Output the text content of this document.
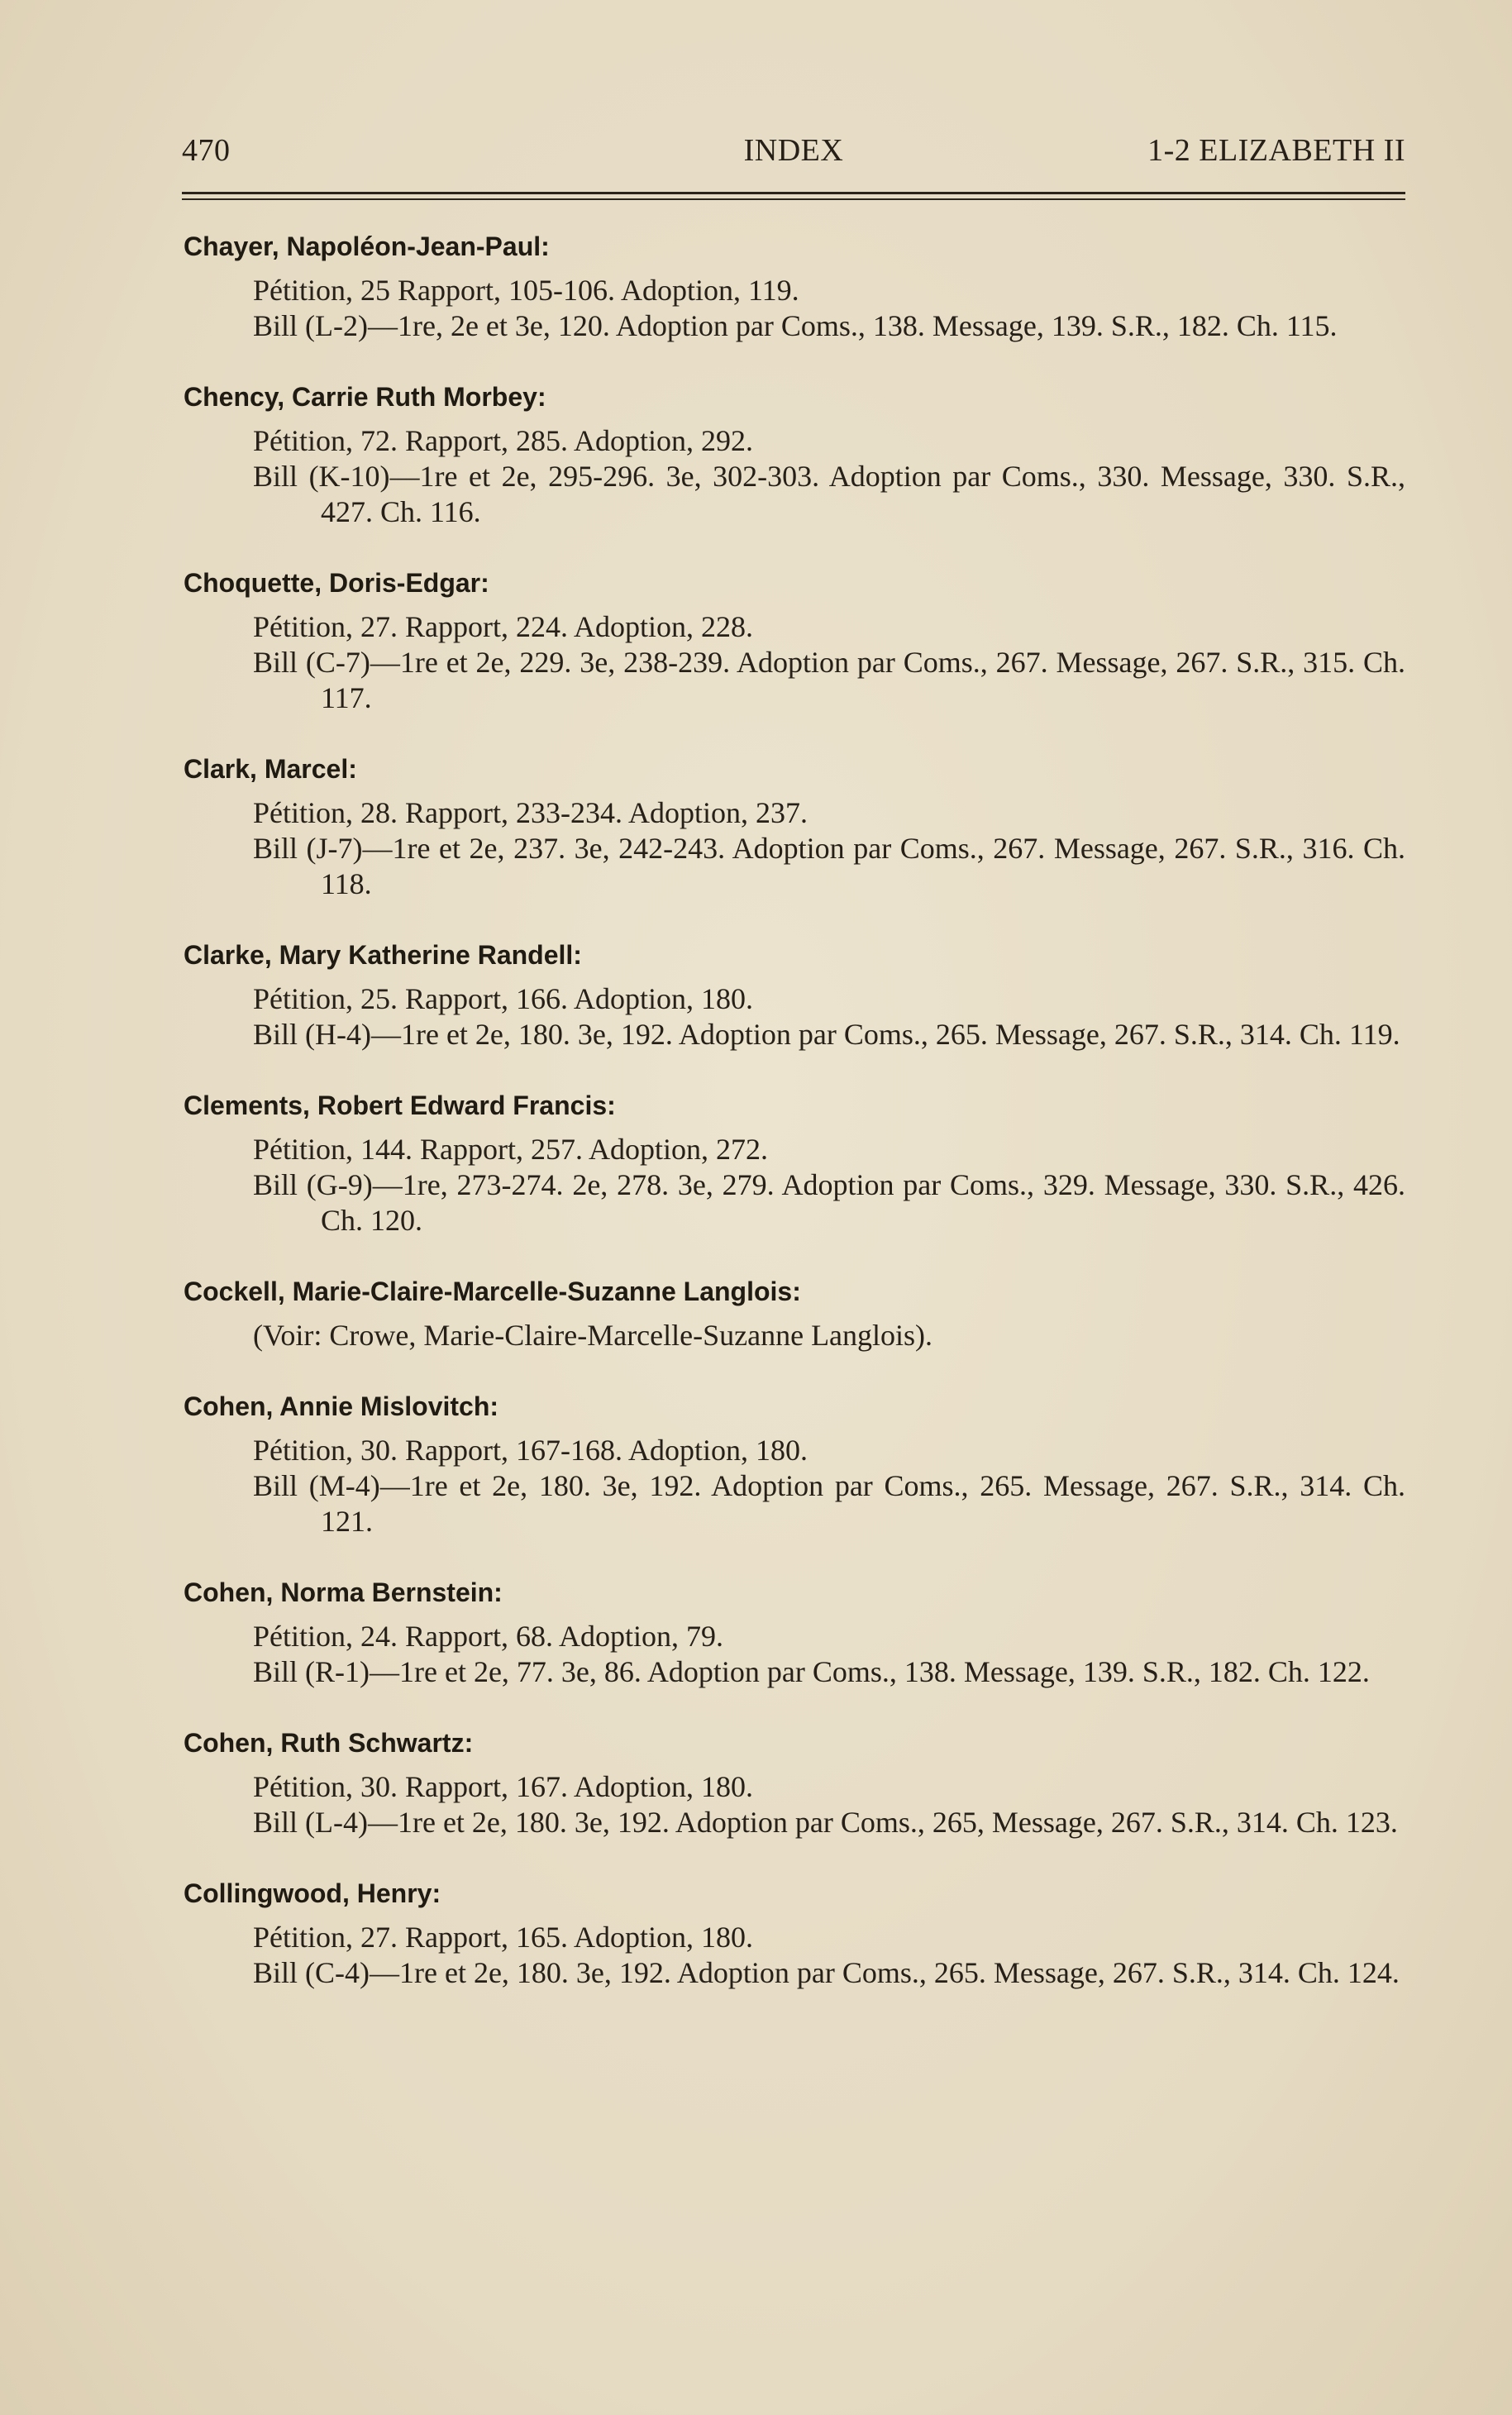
470	INDEX	1-2 ELIZABETH II
Chayer, Napoléon-Jean-Paul:
Pétition, 25 Rapport, 105-106. Adoption, 119.
Bill (L-2)—1re, 2e et 3e, 120. Adoption par Coms., 138. Message, 139. S.R., 182. Ch. 115.
Chency, Carrie Ruth Morbey:
Pétition, 72. Rapport, 285. Adoption, 292.
Bill (K-10)—1re et 2e, 295-296. 3e, 302-303. Adoption par Coms., 330. Message, 330. S.R., 427. Ch. 116.
Choquette, Doris-Edgar:
Pétition, 27. Rapport, 224. Adoption, 228.
Bill (C-7)—1re et 2e, 229. 3e, 238-239. Adoption par Coms., 267. Message, 267. S.R., 315. Ch. 117.
Clark, Marcel:
Pétition, 28. Rapport, 233-234. Adoption, 237.
Bill (J-7)—1re et 2e, 237. 3e, 242-243. Adoption par Coms., 267. Message, 267. S.R., 316. Ch. 118.
Clarke, Mary Katherine Randell:
Pétition, 25. Rapport, 166. Adoption, 180.
Bill (H-4)—1re et 2e, 180. 3e, 192. Adoption par Coms., 265. Message, 267. S.R., 314. Ch. 119.
Clements, Robert Edward Francis:
Pétition, 144. Rapport, 257. Adoption, 272.
Bill (G-9)—1re, 273-274. 2e, 278. 3e, 279. Adoption par Coms., 329. Message, 330. S.R., 426. Ch. 120.
Cockell, Marie-Claire-Marcelle-Suzanne Langlois:
(Voir: Crowe, Marie-Claire-Marcelle-Suzanne Langlois).
Cohen, Annie Mislovitch:
Pétition, 30. Rapport, 167-168. Adoption, 180.
Bill (M-4)—1re et 2e, 180. 3e, 192. Adoption par Coms., 265. Message, 267. S.R., 314. Ch. 121.
Cohen, Norma Bernstein:
Pétition, 24. Rapport, 68. Adoption, 79.
Bill (R-1)—1re et 2e, 77. 3e, 86. Adoption par Coms., 138. Message, 139. S.R., 182. Ch. 122.
Cohen, Ruth Schwartz:
Pétition, 30. Rapport, 167. Adoption, 180.
Bill (L-4)—1re et 2e, 180. 3e, 192. Adoption par Coms., 265, Message, 267. S.R., 314. Ch. 123.
Collingwood, Henry:
Pétition, 27. Rapport, 165. Adoption, 180.
Bill (C-4)—1re et 2e, 180. 3e, 192. Adoption par Coms., 265. Message, 267. S.R., 314. Ch. 124.
